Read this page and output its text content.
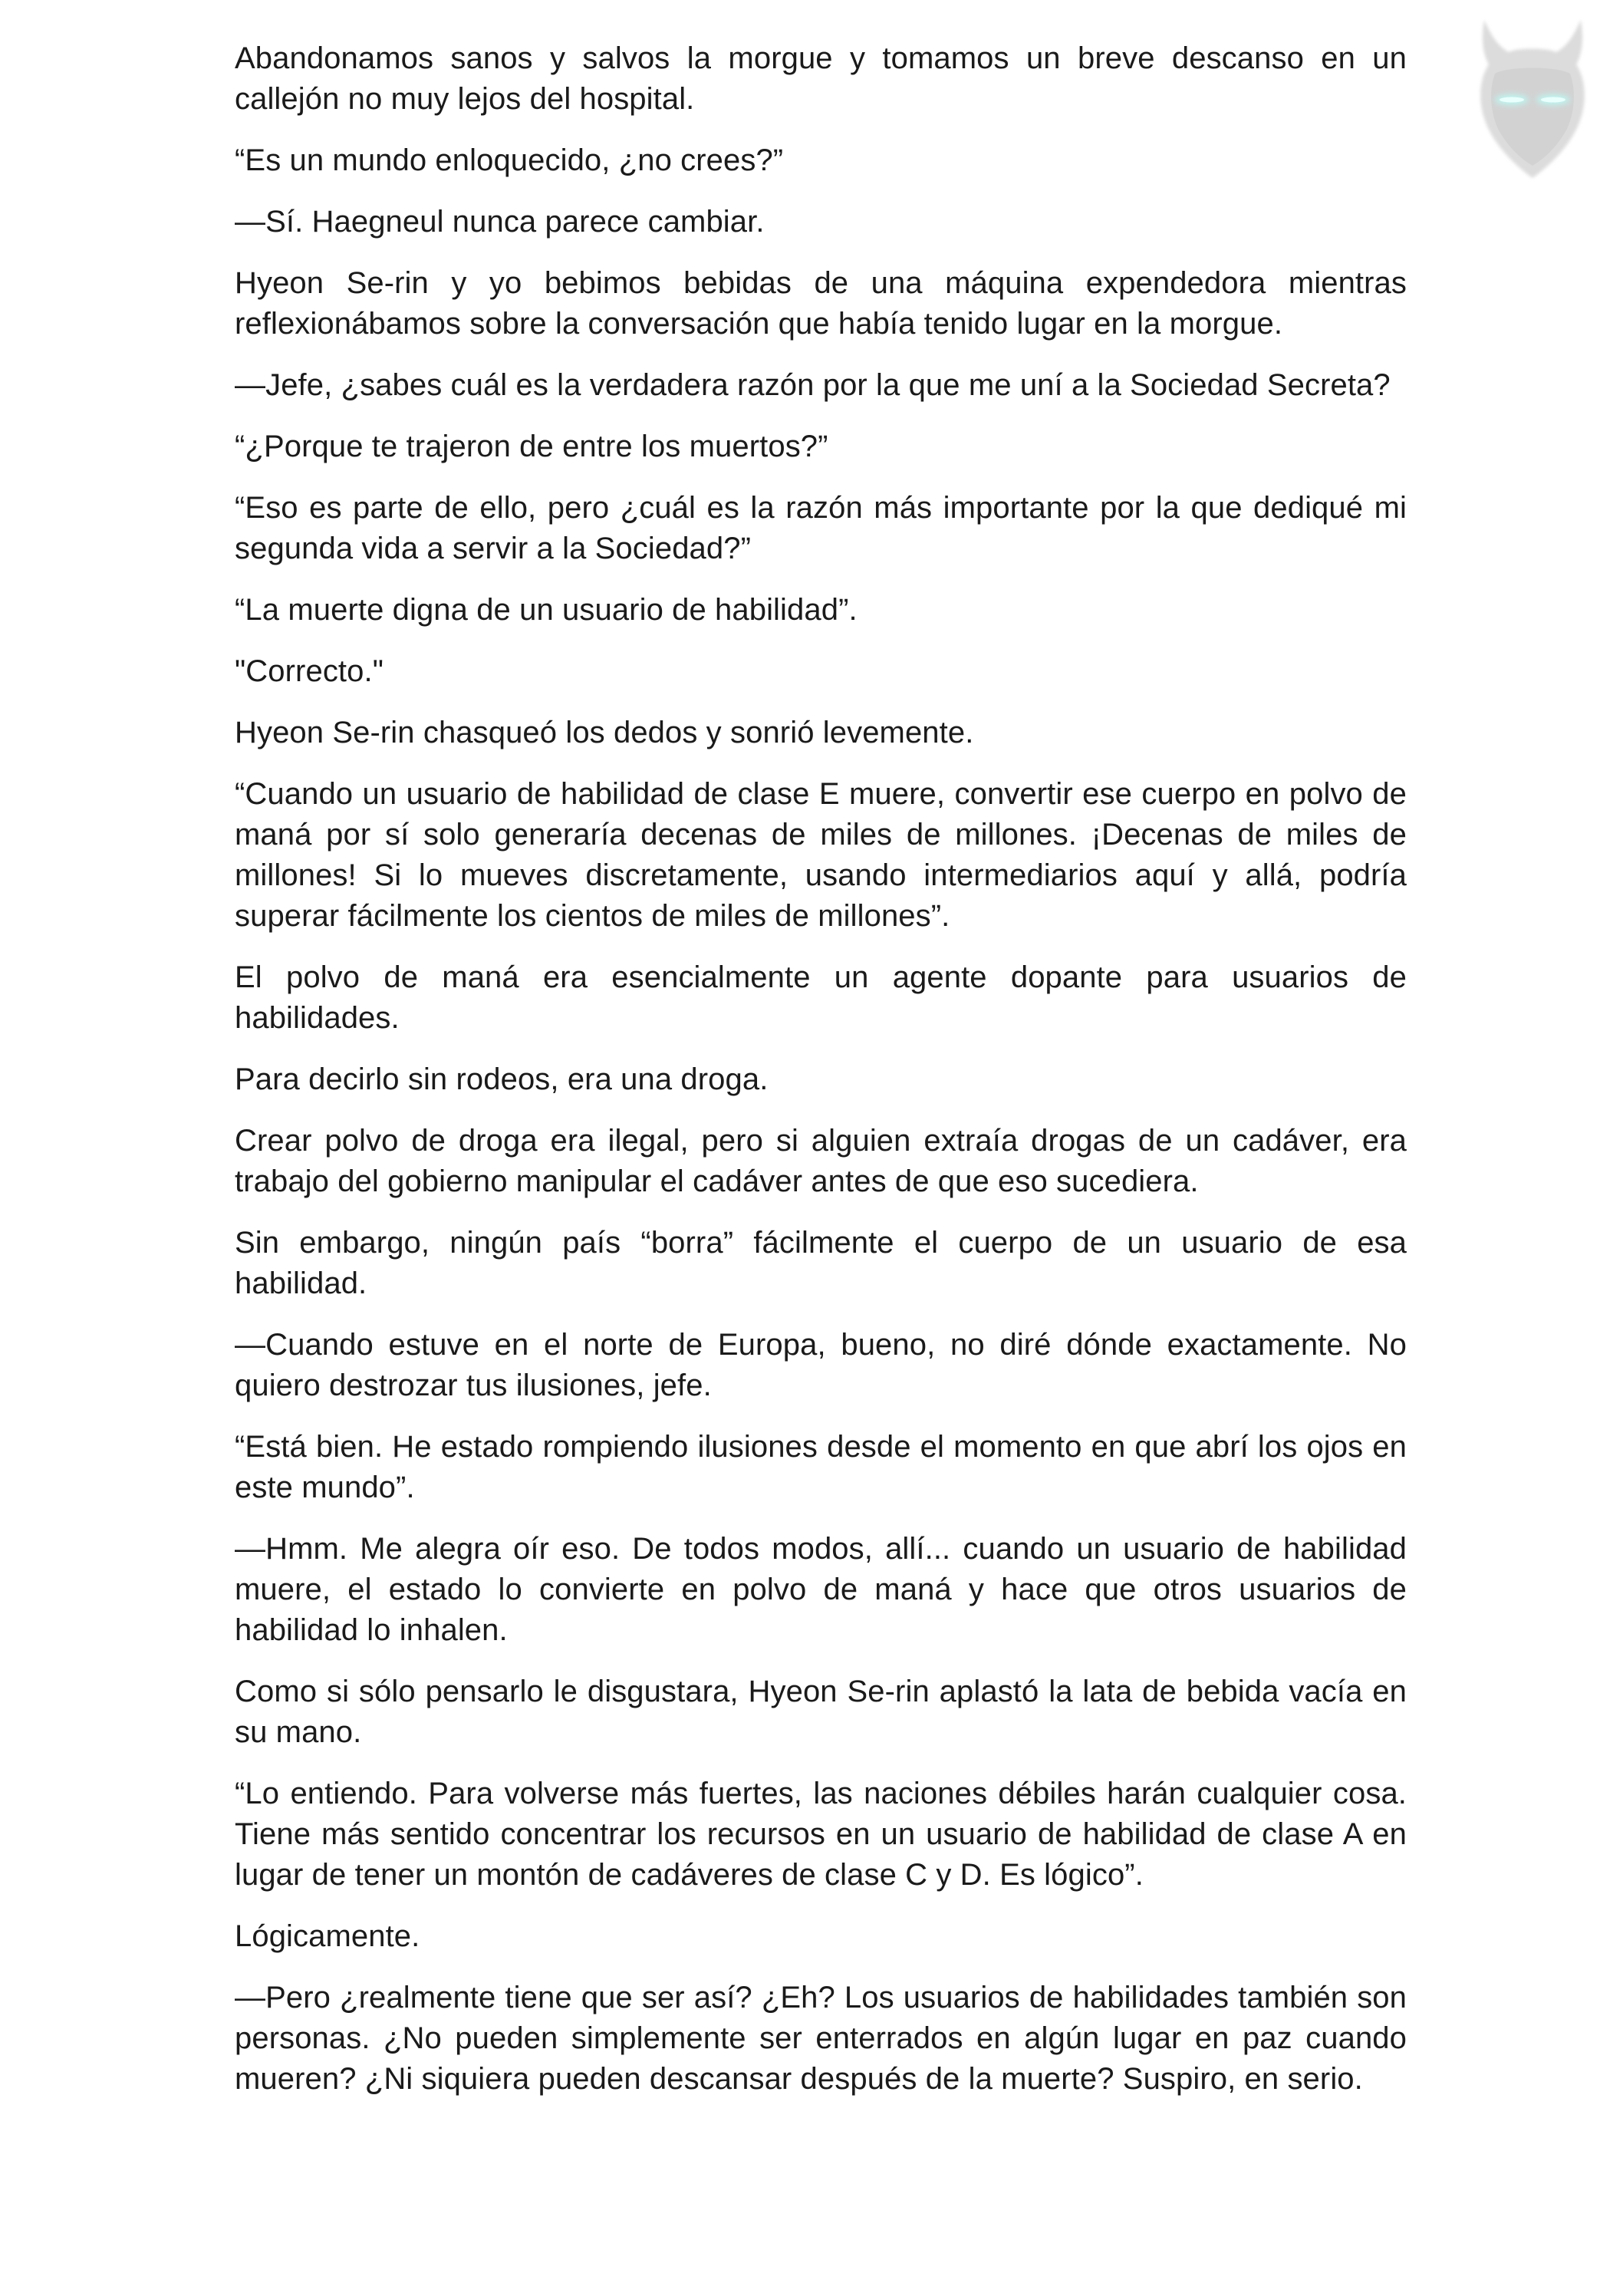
Abandonamos sanos y salvos la morgue y tomamos un breve descanso en un callejón no muy lejos del hospital.

“Es un mundo enloquecido, ¿no crees?”

—Sí. Haegneul nunca parece cambiar.

Hyeon Se-rin y yo bebimos bebidas de una máquina expendedora mientras reflexionábamos sobre la conversación que había tenido lugar en la morgue.

—Jefe, ¿sabes cuál es la verdadera razón por la que me uní a la Sociedad Secreta?

“¿Porque te trajeron de entre los muertos?”

“Eso es parte de ello, pero ¿cuál es la razón más importante por la que dediqué mi segunda vida a servir a la Sociedad?”

“La muerte digna de un usuario de habilidad”.

"Correcto."

Hyeon Se-rin chasqueó los dedos y sonrió levemente.

“Cuando un usuario de habilidad de clase E muere, convertir ese cuerpo en polvo de maná por sí solo generaría decenas de miles de millones. ¡Decenas de miles de millones! Si lo mueves discretamente, usando intermediarios aquí y allá, podría superar fácilmente los cientos de miles de millones”.

El polvo de maná era esencialmente un agente dopante para usuarios de habilidades.

Para decirlo sin rodeos, era una droga.

Crear polvo de droga era ilegal, pero si alguien extraía drogas de un cadáver, era trabajo del gobierno manipular el cadáver antes de que eso sucediera.

Sin embargo, ningún país “borra” fácilmente el cuerpo de un usuario de esa habilidad.

—Cuando estuve en el norte de Europa, bueno, no diré dónde exactamente. No quiero destrozar tus ilusiones, jefe.

“Está bien. He estado rompiendo ilusiones desde el momento en que abrí los ojos en este mundo”.

—Hmm. Me alegra oír eso. De todos modos, allí... cuando un usuario de habilidad muere, el estado lo convierte en polvo de maná y hace que otros usuarios de habilidad lo inhalen.

Como si sólo pensarlo le disgustara, Hyeon Se-rin aplastó la lata de bebida vacía en su mano.

“Lo entiendo. Para volverse más fuertes, las naciones débiles harán cualquier cosa. Tiene más sentido concentrar los recursos en un usuario de habilidad de clase A en lugar de tener un montón de cadáveres de clase C y D. Es lógico”.

Lógicamente.

—Pero ¿realmente tiene que ser así? ¿Eh? Los usuarios de habilidades también son personas. ¿No pueden simplemente ser enterrados en algún lugar en paz cuando mueren? ¿Ni siquiera pueden descansar después de la muerte? Suspiro, en serio.
